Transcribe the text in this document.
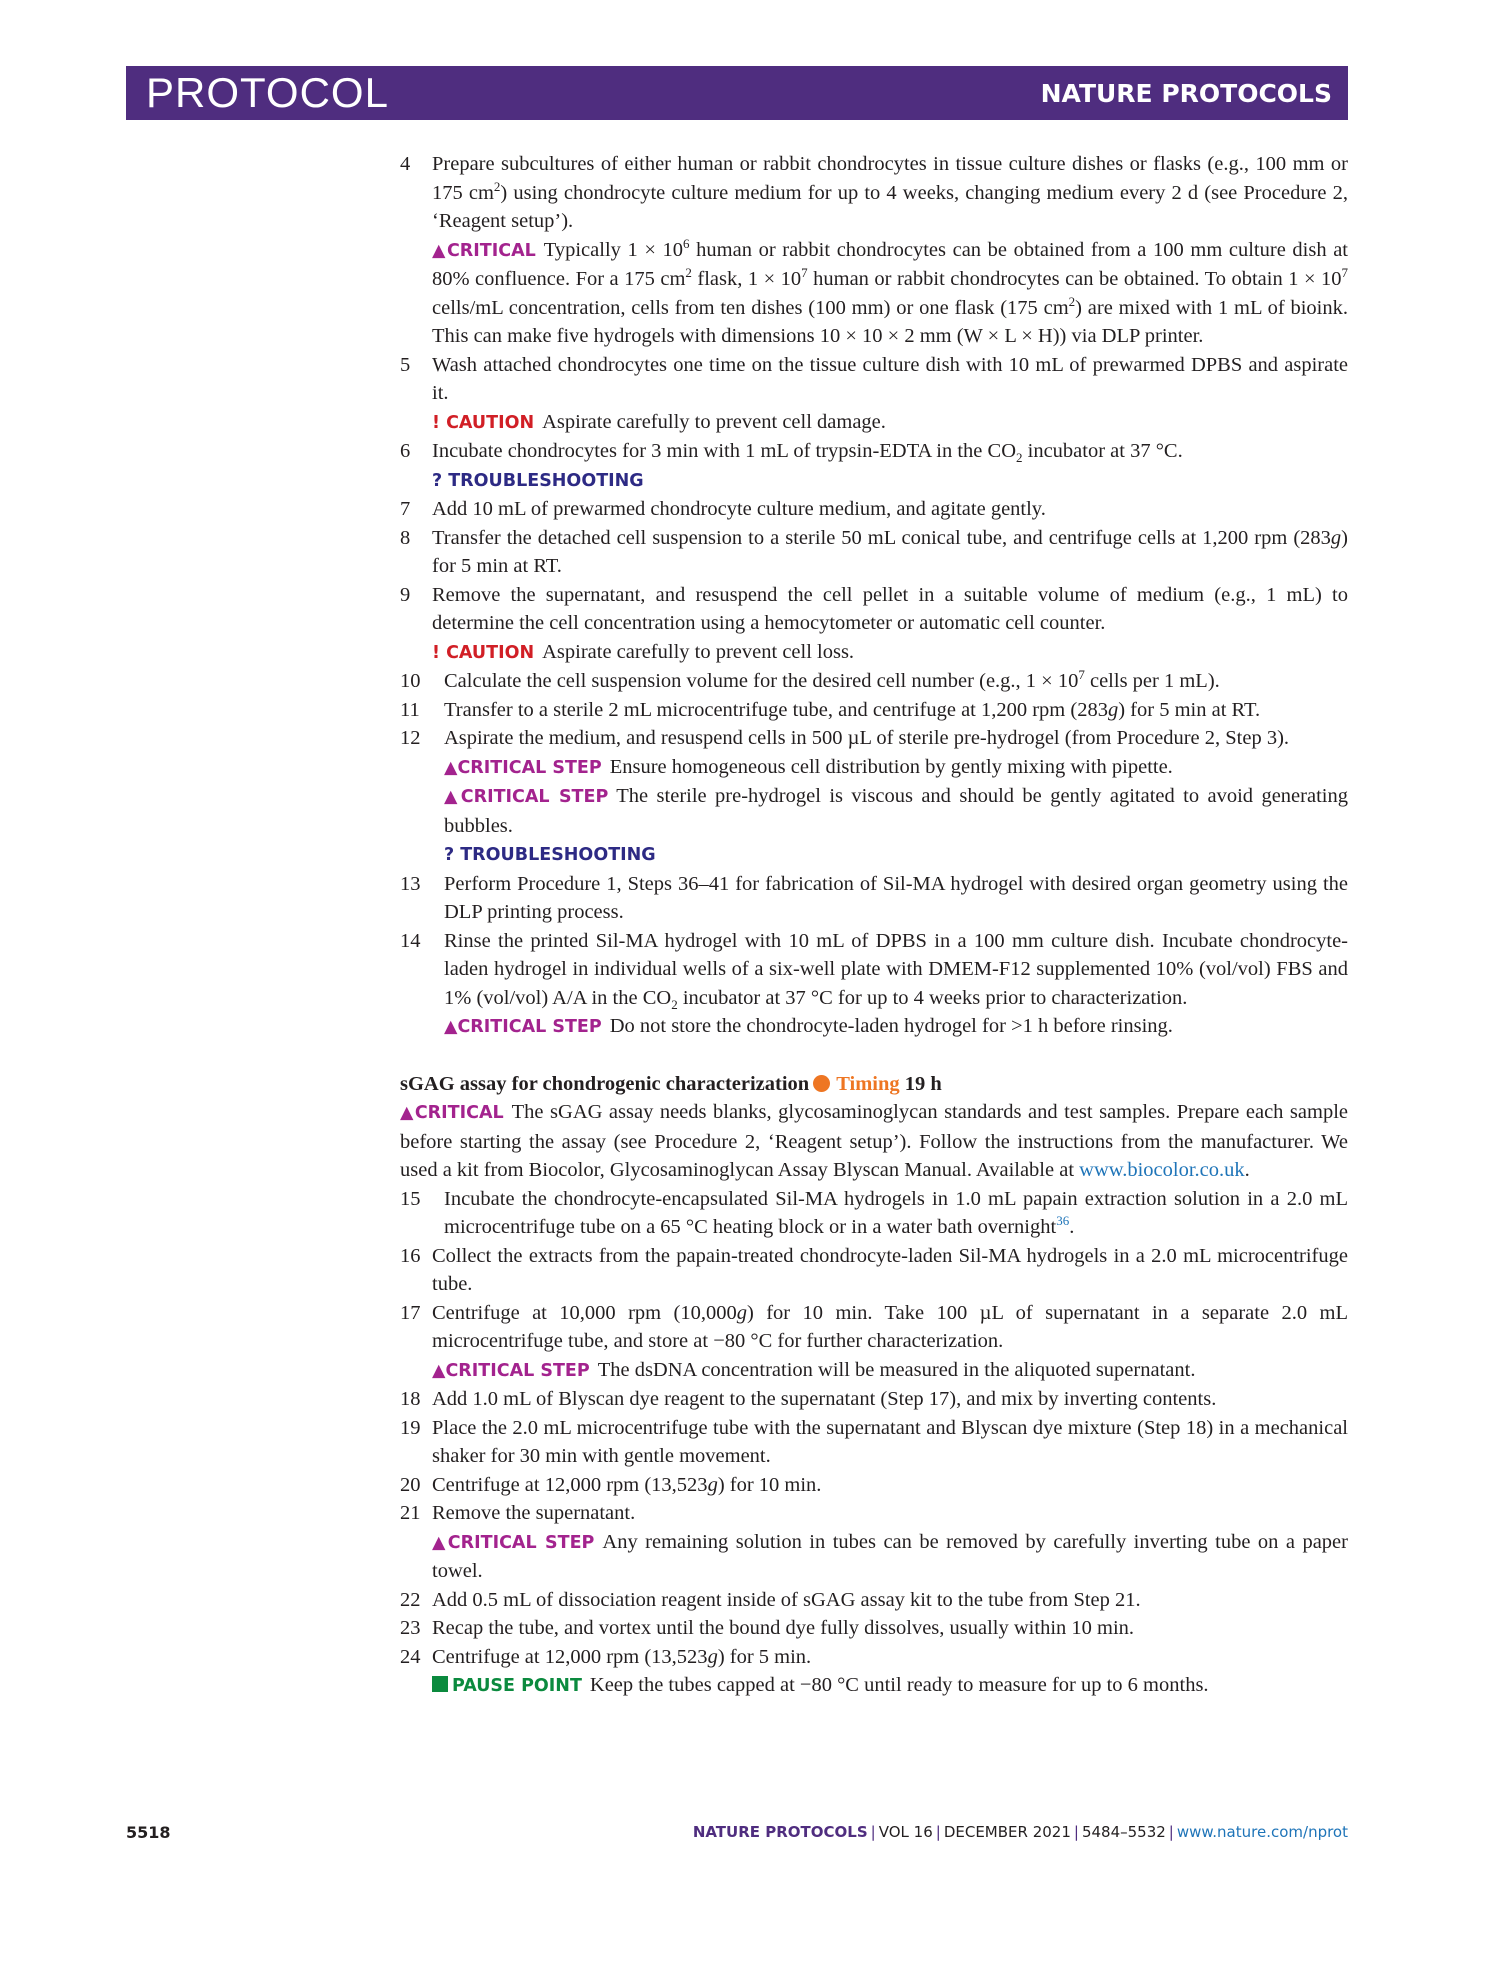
PROTOCOL	NATURE PROTOCOLS
4 Prepare subcultures of either human or rabbit chondrocytes in tissue culture dishes or flasks (e.g., 100 mm or 175 $cm^2$) using chondrocyte culture medium for up to 4 weeks, changing medium every 2 d (see Procedure 2, ‘Reagent setup’).
▲CRITICAL Typically $1 \times 10^6$ human or rabbit chondrocytes can be obtained from a 100 mm culture dish at 80% confluence. For a 175 $cm^2$ flask, $1 \times 10^7$ human or rabbit chondrocytes can be obtained. To obtain $1 \times 10^7$ cells/mL concentration, cells from ten dishes (100 mm) or one flask (175 $cm^2$) are mixed with 1 mL of bioink. This can make five hydrogels with dimensions 10 × 10 × 2 mm (W × L × H)) via DLP printer.
5 Wash attached chondrocytes one time on the tissue culture dish with 10 mL of prewarmed DPBS and aspirate it.
! CAUTION Aspirate carefully to prevent cell damage.
6 Incubate chondrocytes for 3 min with 1 mL of trypsin-EDTA in the $CO_2$ incubator at 37 °C.
? TROUBLESHOOTING
7 Add 10 mL of prewarmed chondrocyte culture medium, and agitate gently.
8 Transfer the detached cell suspension to a sterile 50 mL conical tube, and centrifuge cells at 1,200 rpm (283g) for 5 min at RT.
9 Remove the supernatant, and resuspend the cell pellet in a suitable volume of medium (e.g., 1 mL) to determine the cell concentration using a hemocytometer or automatic cell counter.
! CAUTION Aspirate carefully to prevent cell loss.
10 Calculate the cell suspension volume for the desired cell number (e.g., $1 \times 10^7$ cells per 1 mL).
11 Transfer to a sterile 2 mL microcentrifuge tube, and centrifuge at 1,200 rpm (283g) for 5 min at RT.
12 Aspirate the medium, and resuspend cells in 500 µL of sterile pre-hydrogel (from Procedure 2, Step 3).
▲CRITICAL STEP Ensure homogeneous cell distribution by gently mixing with pipette.
▲CRITICAL STEP The sterile pre-hydrogel is viscous and should be gently agitated to avoid generating bubbles.
? TROUBLESHOOTING
13 Perform Procedure 1, Steps 36–41 for fabrication of Sil-MA hydrogel with desired organ geometry using the DLP printing process.
14 Rinse the printed Sil-MA hydrogel with 10 mL of DPBS in a 100 mm culture dish. Incubate chondrocyte-laden hydrogel in individual wells of a six-well plate with DMEM-F12 supplemented 10% (vol/vol) FBS and 1% (vol/vol) A/A in the $CO_2$ incubator at 37 °C for up to 4 weeks prior to characterization.
▲CRITICAL STEP Do not store the chondrocyte-laden hydrogel for >1 h before rinsing.
sGAG assay for chondrogenic characterization Timing 19 h
▲CRITICAL The sGAG assay needs blanks, glycosaminoglycan standards and test samples. Prepare each sample before starting the assay (see Procedure 2, ‘Reagent setup’). Follow the instructions from the manufacturer. We used a kit from Biocolor, Glycosaminoglycan Assay Blyscan Manual. Available at www.biocolor.co.uk.
15 Incubate the chondrocyte-encapsulated Sil-MA hydrogels in 1.0 mL papain extraction solution in a 2.0 mL microcentrifuge tube on a 65 °C heating block or in a water bath overnight$^{36}$.
16 Collect the extracts from the papain-treated chondrocyte-laden Sil-MA hydrogels in a 2.0 mL microcentrifuge tube.
17 Centrifuge at 10,000 rpm (10,000g) for 10 min. Take 100 µL of supernatant in a separate 2.0 mL microcentrifuge tube, and store at −80 °C for further characterization.
▲CRITICAL STEP The dsDNA concentration will be measured in the aliquoted supernatant.
18 Add 1.0 mL of Blyscan dye reagent to the supernatant (Step 17), and mix by inverting contents.
19 Place the 2.0 mL microcentrifuge tube with the supernatant and Blyscan dye mixture (Step 18) in a mechanical shaker for 30 min with gentle movement.
20 Centrifuge at 12,000 rpm (13,523g) for 10 min.
21 Remove the supernatant.
▲CRITICAL STEP Any remaining solution in tubes can be removed by carefully inverting tube on a paper towel.
22 Add 0.5 mL of dissociation reagent inside of sGAG assay kit to the tube from Step 21.
23 Recap the tube, and vortex until the bound dye fully dissolves, usually within 10 min.
24 Centrifuge at 12,000 rpm (13,523g) for 5 min.
PAUSE POINT Keep the tubes capped at −80 °C until ready to measure for up to 6 months.
5518	NATURE PROTOCOLS | VOL 16 | DECEMBER 2021 | 5484–5532 | www.nature.com/nprot
